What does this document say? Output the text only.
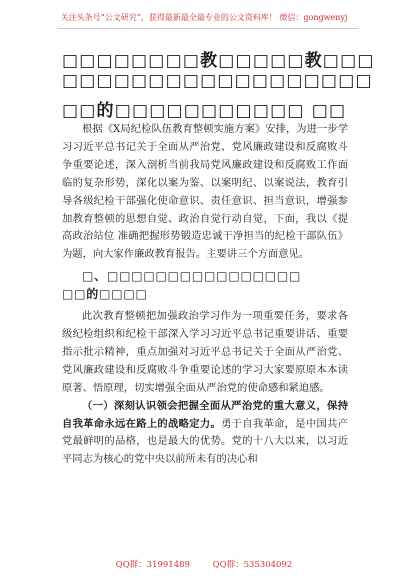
关注头条号“公文研究”，获得最新最全最专业的公文资料库！ 微信：gongwenyj
□□□□□□□□教□□□□□教□□□
□□□□□□□□□□□□□□□□□□
□□的□□□□□□□□□□□ □□

根据《X局纪检队伍教育整顿实施方案》安排，为进一步学习习近平总书记关于全面从严治党、党风廉政建设和反腐败斗争重要论述，深入剖析当前我局党风廉政建设和反腐败工作面临的复杂形势，深化以案为鉴、以案明纪、以案说法，教育引导各级纪检干部强化使命意识、责任意识、担当意识，增强参加教育整顿的思想自觉、政治自觉行动自觉，下面，我以《提高政治站位 准确把握形势锻造忠诚干净担当的纪检干部队伍》为题，向大家作廉政教育报告。主要讲三个方面意见。

□、□□□□□□□□□□□□□□□□

□□的□□□□

此次教育整顿把加强政治学习作为一项重要任务，要求各级纪检组织和纪检干部深入学习习近平总书记重要讲话、重要指示批示精神，重点加强对习近平总书记关于全面从严治党、党风廉政建设和反腐败斗争重要论述的学习大家要原原本本读原著、悟原理，切实增强全面从严治党的使命感和紧迫感。

（一）深刻认识领会把握全面从严治党的重大意义，保持自我革命永远在路上的战略定力。勇于自我革命，是中国共产党最鲜明的品格，也是最大的优势。党的十八大以来，以习近平同志为核心的党中央以前所未有的决心和

QQ群：31991489	QQ群：535304092
